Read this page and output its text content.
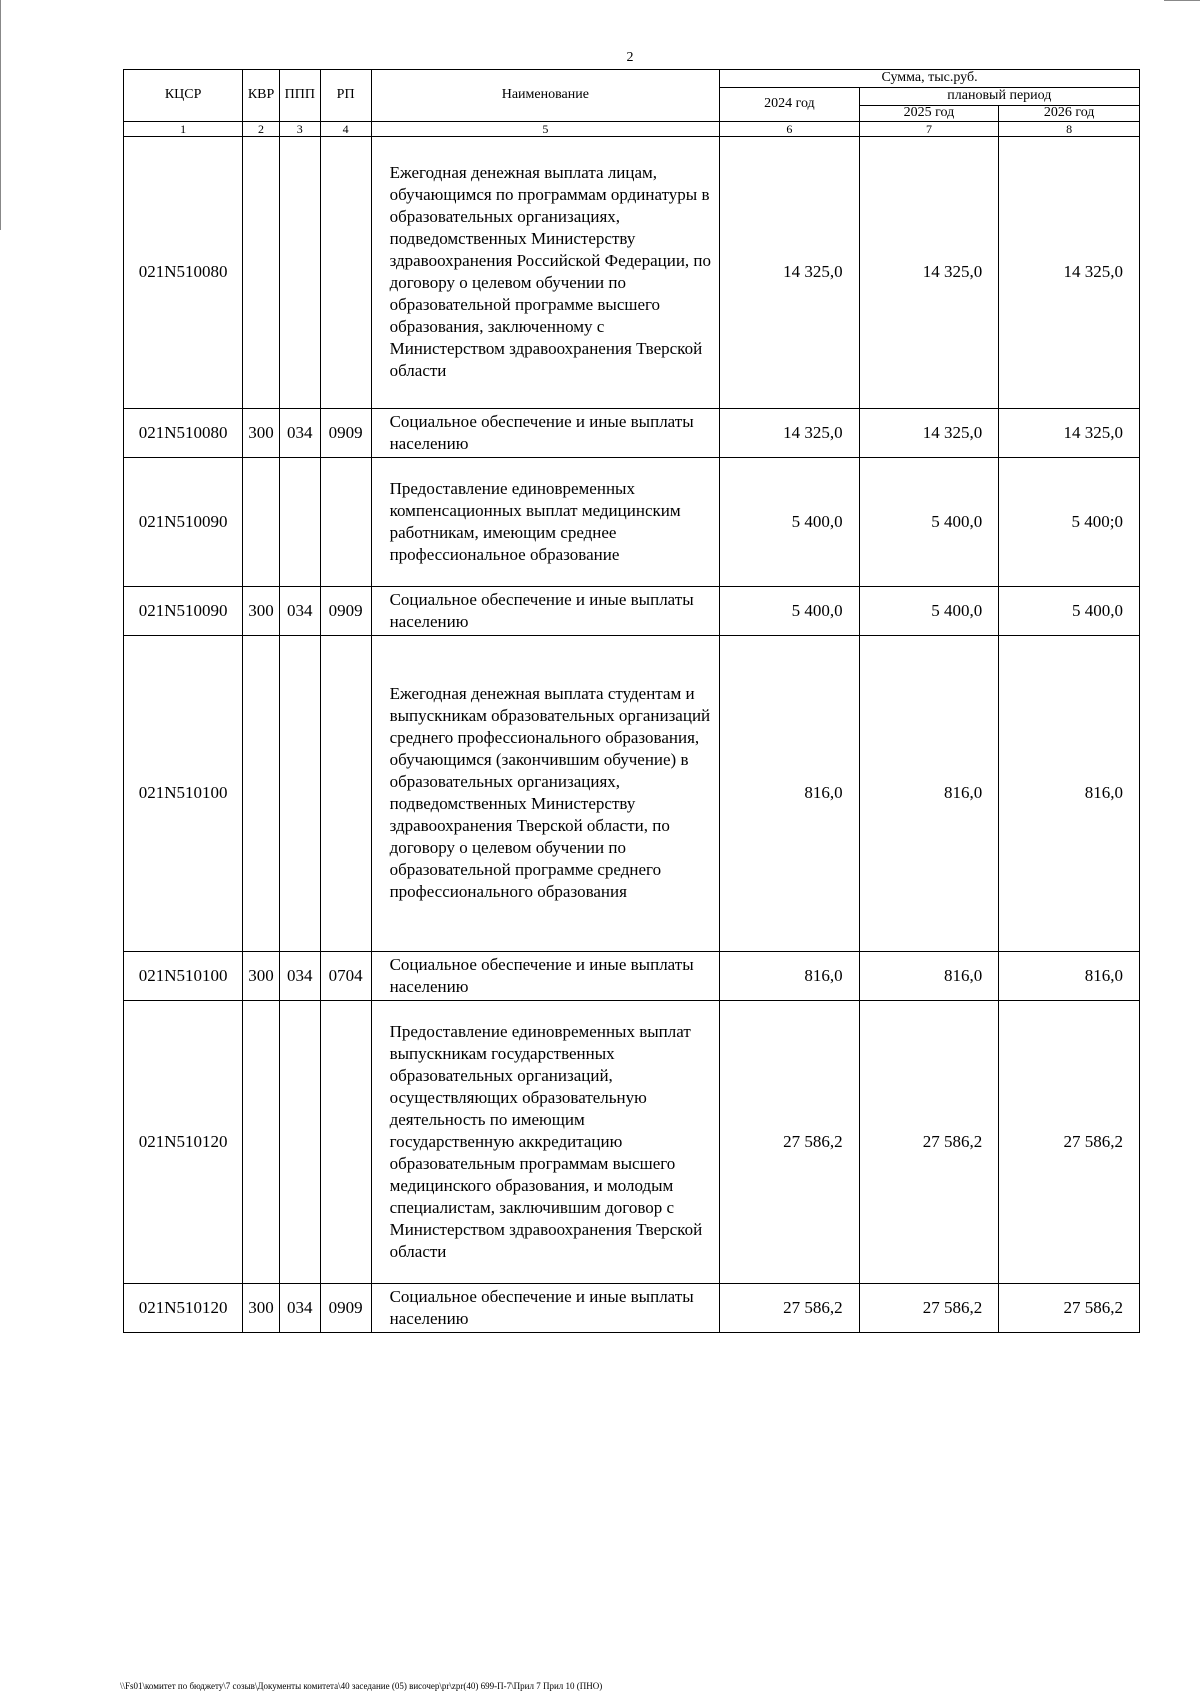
2
КЦСР	КВР	ППП	РП	Наименование	Сумма, тыс.руб.		
					2024 год	плановый период	
						2025 год	2026 год
1	2	3	4	5	6	7	8
021N510080				Ежегодная денежная выплата лицам, обучающимся по программам ординатуры в образовательных организациях, подведомственных Министерству здравоохранения Российской Федерации, по договору о целевом обучении по образовательной программе высшего образования, заключенному с Министерством здравоохранения Тверской области	14 325,0	14 325,0	14 325,0
021N510080	300	034	0909	Социальное обеспечение и иные выплаты населению	14 325,0	14 325,0	14 325,0
021N510090				Предоставление единовременных компенсационных выплат медицинским работникам, имеющим среднее профессиональное образование	5 400,0	5 400,0	5 400;0
021N510090	300	034	0909	Социальное обеспечение и иные выплаты населению	5 400,0	5 400,0	5 400,0
021N510100				Ежегодная денежная выплата студентам и выпускникам образовательных организаций среднего профессионального образования, обучающимся (закончившим обучение) в образовательных организациях, подведомственных Министерству здравоохранения Тверской области, по договору о целевом обучении по образовательной программе среднего профессионального образования	816,0	816,0	816,0
021N510100	300	034	0704	Социальное обеспечение и иные выплаты населению	816,0	816,0	816,0
021N510120				Предоставление единовременных выплат выпускникам государственных образовательных организаций, осуществляющих образовательную деятельность по имеющим государственную аккредитацию образовательным программам высшего медицинского образования, и молодым специалистам, заключившим договор с Министерством здравоохранения Тверской области	27 586,2	27 586,2	27 586,2
021N510120	300	034	0909	Социальное обеспечение и иные выплаты населению	27 586,2	27 586,2	27 586,2
\\Fs01\комитет по бюджету\7 созыв\Документы комитета\40 заседание (05) височер\pr\zpr(40) 699-П-7\Прил 7 Прил 10 (ПНО)
